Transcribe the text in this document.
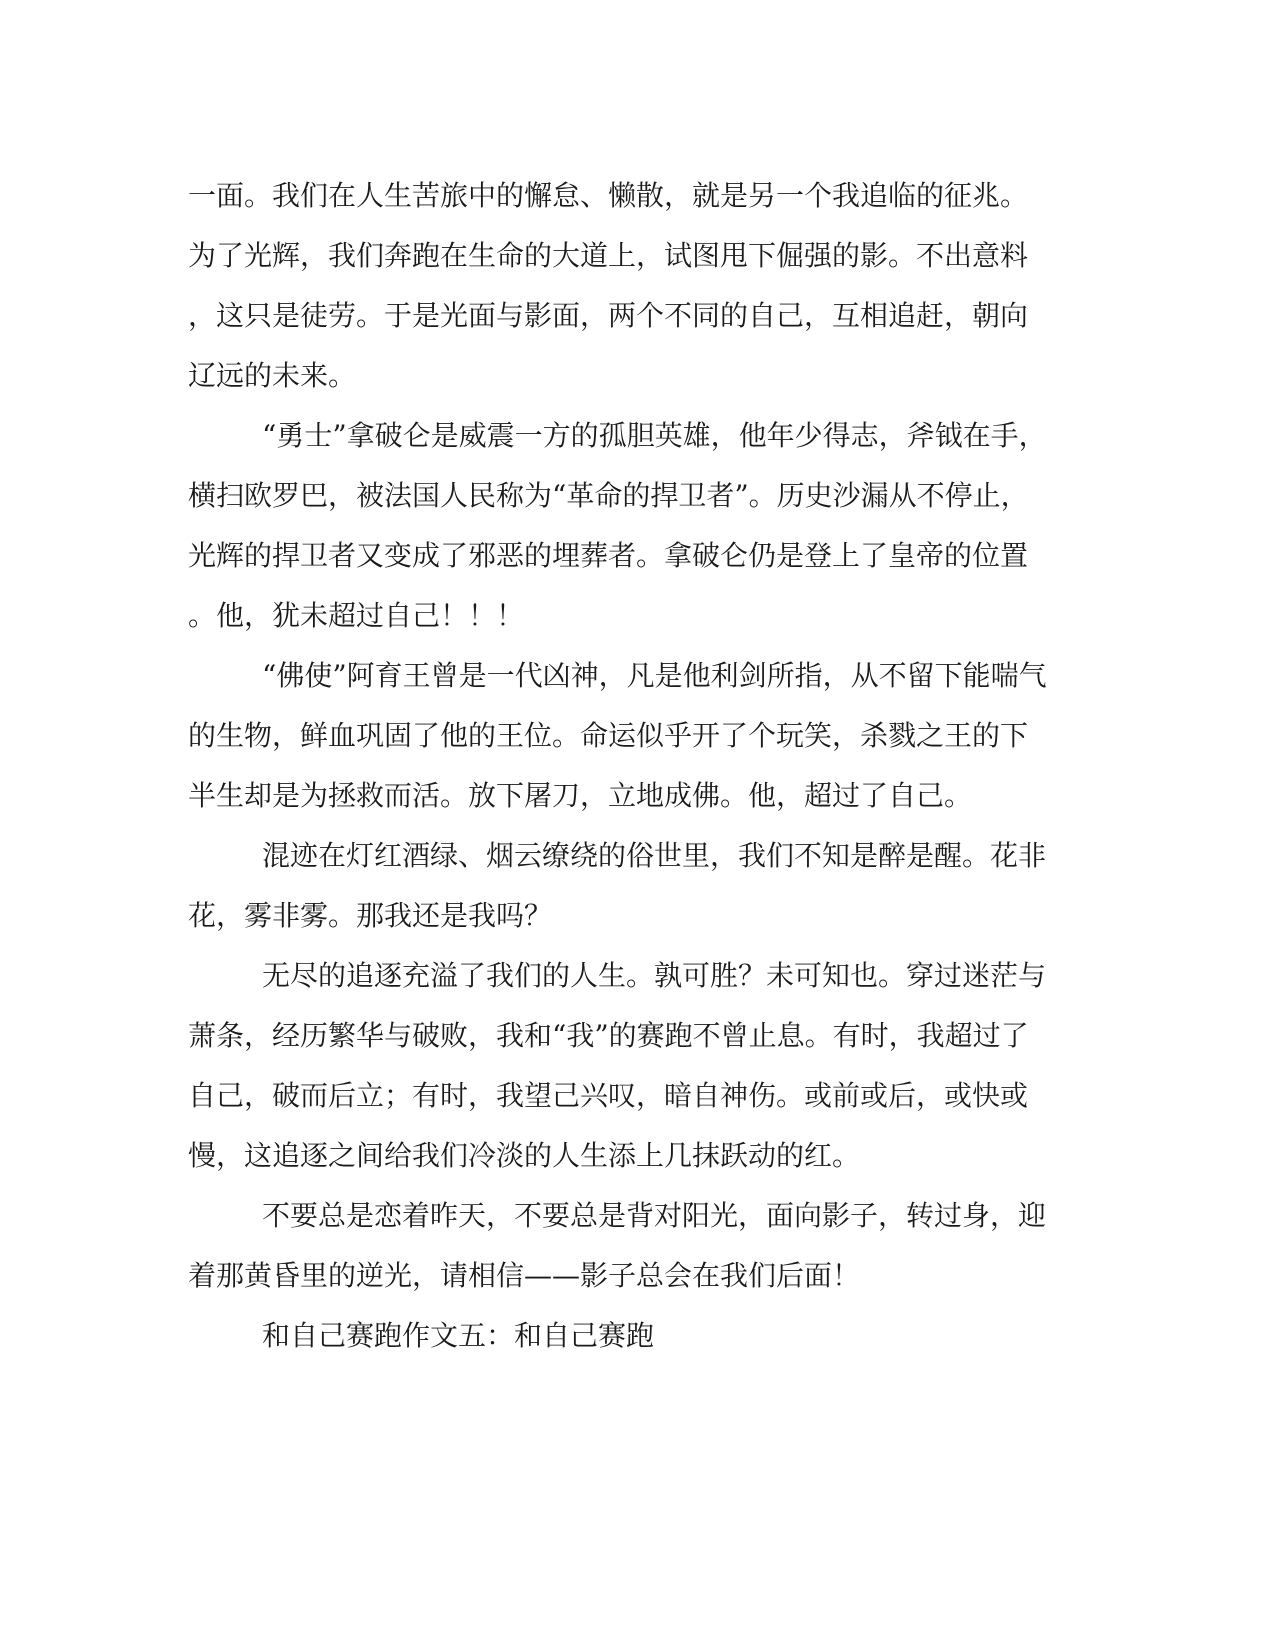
一面。我们在人生苦旅中的懈怠、懒散，就是另一个我追临的征兆。
为了光辉，我们奔跑在生命的大道上，试图甩下倔强的影。不出意料
，这只是徒劳。于是光面与影面，两个不同的自己，互相追赶，朝向
辽远的未来。
“勇士”拿破仑是威震一方的孤胆英雄，他年少得志，斧钺在手，
横扫欧罗巴，被法国人民称为“革命的捍卫者”。历史沙漏从不停止，
光辉的捍卫者又变成了邪恶的埋葬者。拿破仑仍是登上了皇帝的位置
。他，犹未超过自己！！！
“佛使”阿育王曾是一代凶神，凡是他利剑所指，从不留下能喘气
的生物，鲜血巩固了他的王位。命运似乎开了个玩笑，杀戮之王的下
半生却是为拯救而活。放下屠刀，立地成佛。他，超过了自己。
混迹在灯红酒绿、烟云缭绕的俗世里，我们不知是醉是醒。花非
花，雾非雾。那我还是我吗？
无尽的追逐充溢了我们的人生。孰可胜？未可知也。穿过迷茫与
萧条，经历繁华与破败，我和“我”的赛跑不曾止息。有时，我超过了
自己，破而后立；有时，我望己兴叹，暗自神伤。或前或后，或快或
慢，这追逐之间给我们冷淡的人生添上几抹跃动的红。
不要总是恋着昨天，不要总是背对阳光，面向影子，转过身，迎
着那黄昏里的逆光，请相信——影子总会在我们后面！
和自己赛跑作文五：和自己赛跑
